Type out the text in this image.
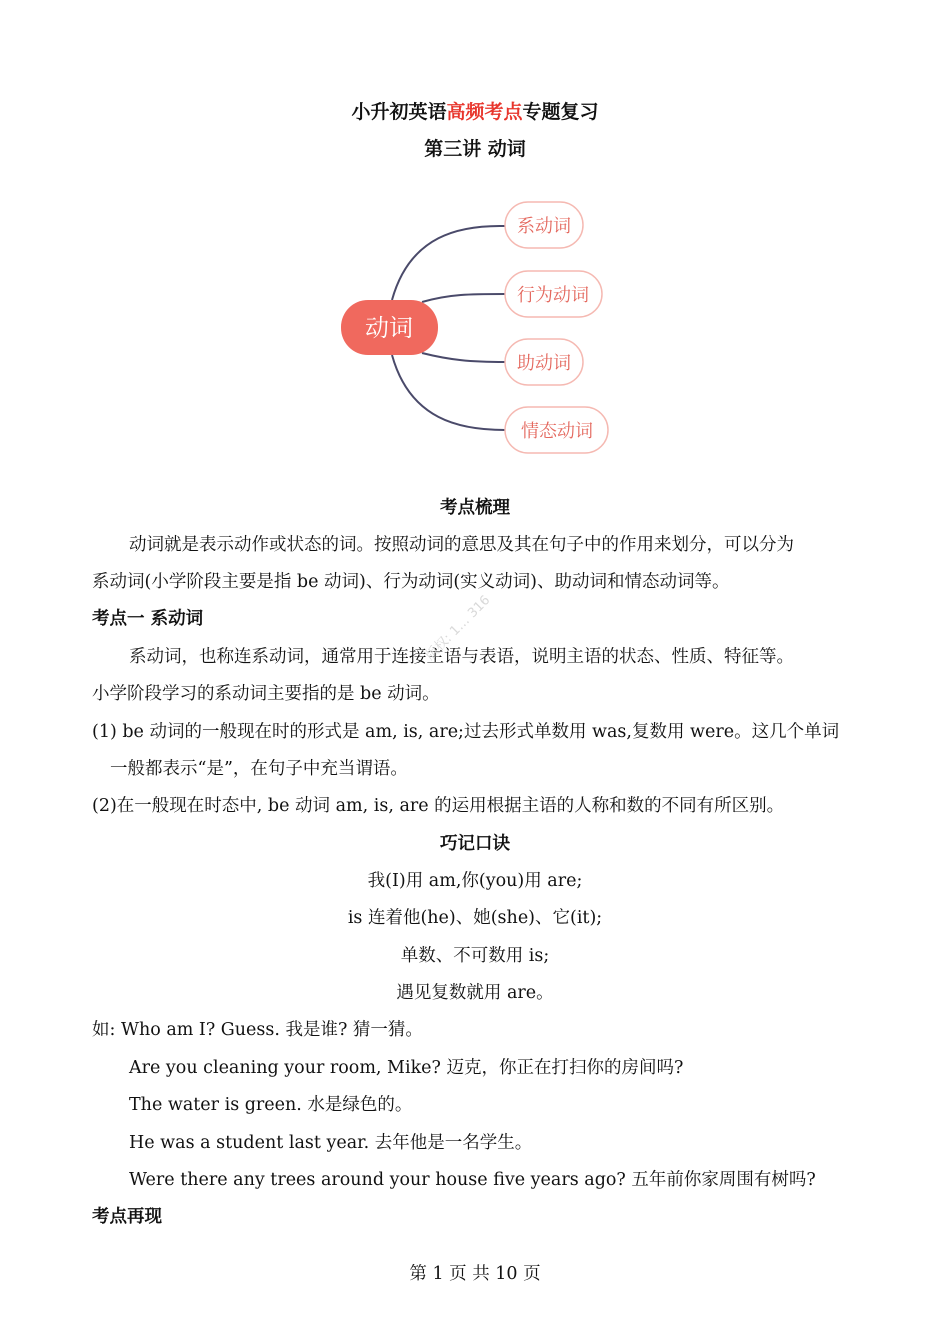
小升初英语高频考点专题复习
第三讲 动词
动词
系动词
行为动词
助动词
情态动词
考点梳理
动词就是表示动作或状态的词。按照动词的意思及其在句子中的作用来划分，可以分为
系动词(小学阶段主要是指 be 动词)、行为动词(实义动词)、助动词和情态动词等。
考点一 系动词
系动词，也称连系动词，通常用于连接主语与表语，说明主语的状态、性质、特征等。
小学阶段学习的系动词主要指的是 be 动词。
(1) be 动词的一般现在时的形式是 am, is, are;过去形式单数用 was,复数用 were。这几个单词
一般都表示“是”，在句子中充当谓语。
(2)在一般现在时态中, be 动词 am, is, are 的运用根据主语的人称和数的不同有所区别。
巧记口诀
我(I)用 am,你(you)用 are;
is 连着他(he)、她(she)、它(it);
单数、不可数用 is;
遇见复数就用 are。
如: Who am I? Guess. 我是谁? 猜一猜。
Are you cleaning your room, Mike? 迈克，你正在打扫你的房间吗?
The water is green. 水是绿色的。
He was a student last year. 去年他是一名学生。
Were there any trees around your house five years ago? 五年前你家周围有树吗?
考点再现
版权: 1… 316
第 1 页 共 10 页
